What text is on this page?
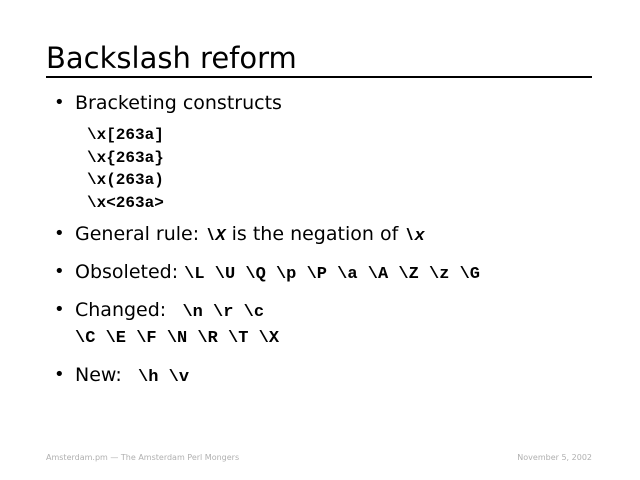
Backslash reform
• Bracketing constructs
\x[263a]
\x{263a}
\x(263a)
\x<263a>
• General rule: \X is the negation of \x
• Obsoleted: \L \U \Q \p \P \a \A \Z \z \G
• Changed:  \n \r \c
\C \E \F \N \R \T \X
• New:  \h \v
Amsterdam.pm — The Amsterdam Perl Mongers	November 5, 2002
